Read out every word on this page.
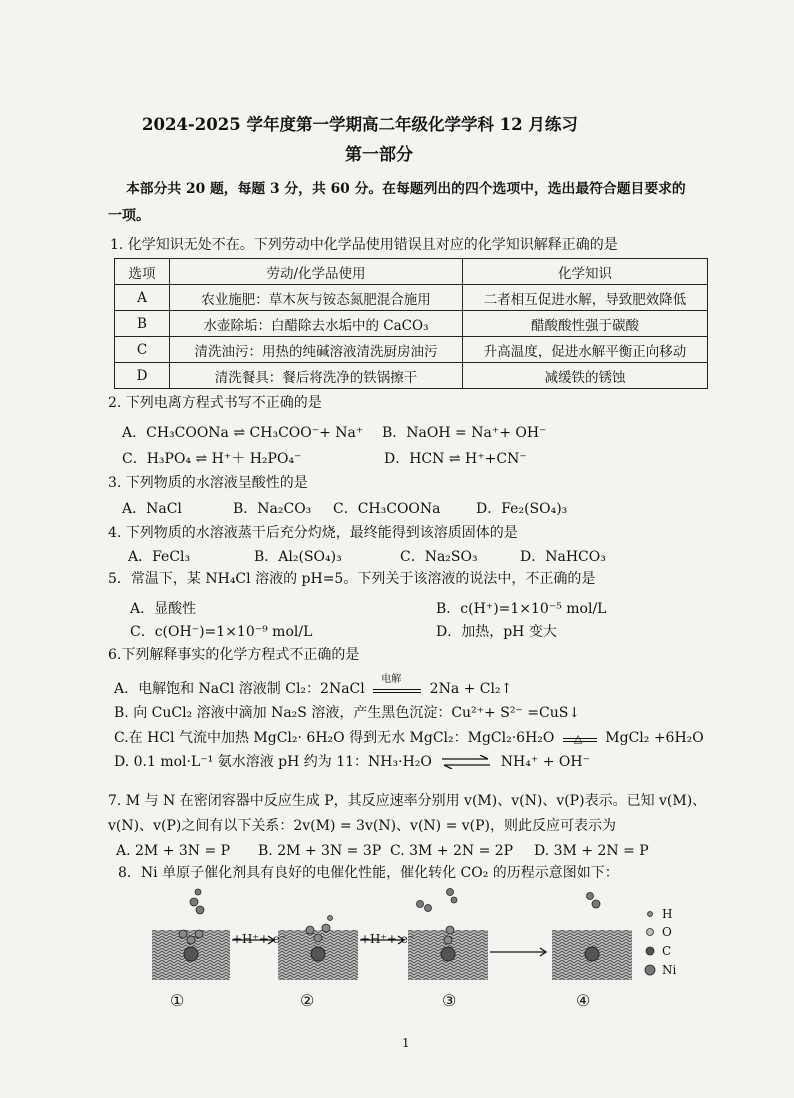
2024-2025 学年度第一学期高二年级化学学科 12 月练习
第一部分
本部分共 20 题，每题 3 分，共 60 分。在每题列出的四个选项中，选出最符合题目要求的
一项。
1. 化学知识无处不在。下列劳动中化学品使用错误且对应的化学知识解释正确的是
选项	劳动/化学品使用	化学知识
A	农业施肥：草木灰与铵态氮肥混合施用	二者相互促进水解，导致肥效降低
B	水壶除垢：白醋除去水垢中的 CaCO₃	醋酸酸性强于碳酸
C	清洗油污：用热的纯碱溶液清洗厨房油污	升高温度，促进水解平衡正向移动
D	清洗餐具：餐后将洗净的铁锅擦干	减缓铁的锈蚀
2. 下列电离方程式书写不正确的是
A．CH₃COONa ⇌ CH₃COO⁻+ Na⁺ B．NaOH = Na⁺+ OH⁻
C．H₃PO₄ ⇌ H⁺＋ H₂PO₄⁻	D．HCN ⇌ H⁺+CN⁻
3. 下列物质的水溶液呈酸性的是
A．NaCl	B．Na₂CO₃ C．CH₃COONa	D．Fe₂(SO₄)₃
4. 下列物质的水溶液蒸干后充分灼烧，最终能得到该溶质固体的是
A．FeCl₃	B．Al₂(SO₄)₃	C．Na₂SO₃	D．NaHCO₃
5．常温下，某 NH₄Cl 溶液的 pH=5。下列关于该溶液的说法中，不正确的是
A．显酸性	B．c(H⁺)=1×10⁻⁵ mol/L
C．c(OH⁻)=1×10⁻⁹ mol/L	D．加热，pH 变大
6.下列解释事实的化学方程式不正确的是
A．电解饱和 NaCl 溶液制 Cl₂：2NaCl
电解
2Na + Cl₂↑
B. 向 CuCl₂ 溶液中滴加 Na₂S 溶液，产生黑色沉淀：Cu²⁺+ S²⁻ =CuS↓
C.在 HCl 气流中加热 MgCl₂· 6H₂O 得到无水 MgCl₂：MgCl₂·6H₂O △ MgCl₂ +6H₂O
D. 0.1 mol·L⁻¹ 氨水溶液 pH 约为 11：NH₃·H₂O ⇌ NH₄⁺ + OH⁻
7. M 与 N 在密闭容器中反应生成 P，其反应速率分别用 v(M)、v(N)、v(P)表示。已知 v(M)、
v(N)、v(P)之间有以下关系：2v(M) = 3v(N)、v(N) = v(P)，则此反应可表示为
A. 2M + 3N = P B. 2M + 3N = 3P C. 3M + 2N = 2P D. 3M + 2N = P
8．Ni 单原子催化剂具有良好的电催化性能，催化转化 CO₂ 的历程示意图如下：
+H⁺+ e⁻	+H⁺+ e⁻
①	②	③	④
H
O
C
Ni
1
